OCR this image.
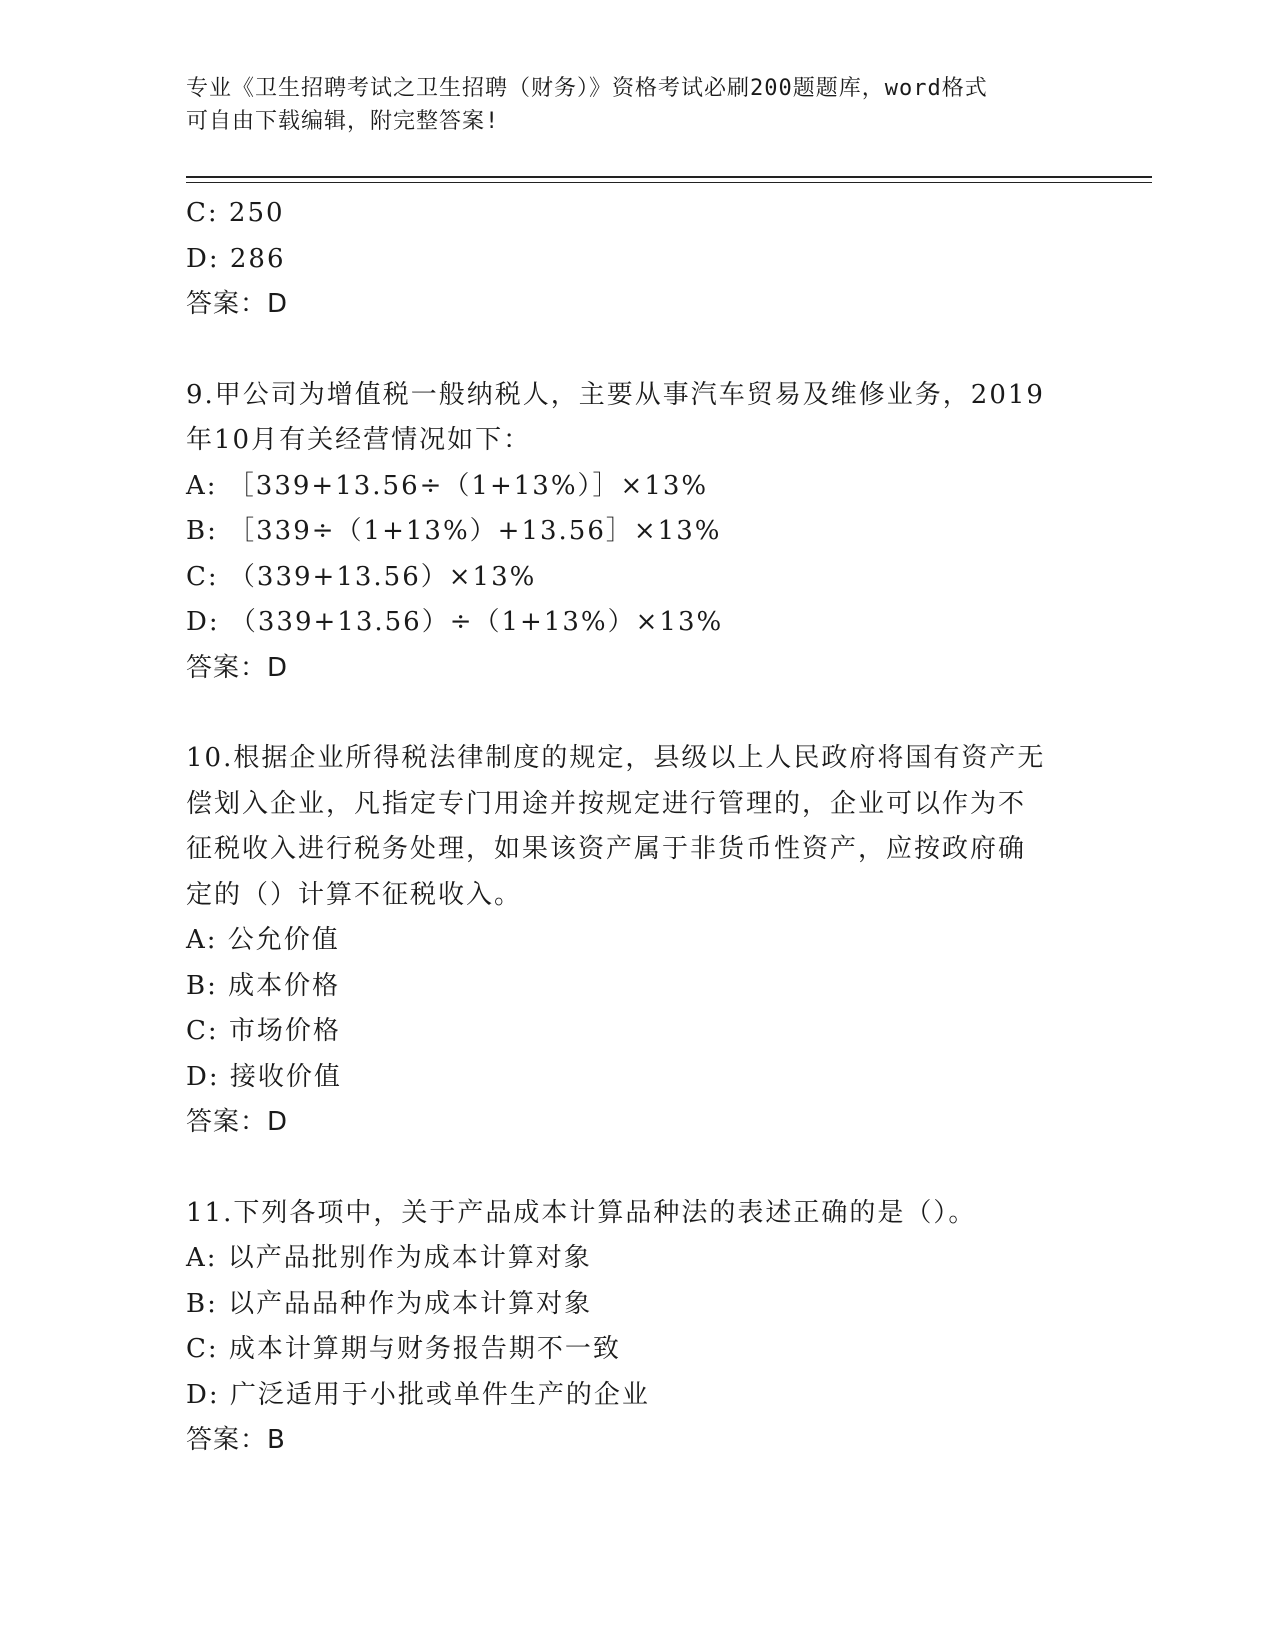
专业《卫生招聘考试之卫生招聘（财务）》资格考试必刷200题题库，word格式
可自由下载编辑，附完整答案!
C: 250
D: 286
答案：D
9.甲公司为增值税一般纳税人，主要从事汽车贸易及维修业务，2019
年10月有关经营情况如下：
A: ［339+13.56÷（1+13%）］×13%
B: ［339÷（1+13%）+13.56］×13%
C: （339+13.56）×13%
D: （339+13.56）÷（1+13%）×13%
答案：D
10.根据企业所得税法律制度的规定，县级以上人民政府将国有资产无
偿划入企业，凡指定专门用途并按规定进行管理的，企业可以作为不
征税收入进行税务处理，如果该资产属于非货币性资产，应按政府确
定的（）计算不征税收入。
A: 公允价值
B: 成本价格
C: 市场价格
D: 接收价值
答案：D
11.下列各项中，关于产品成本计算品种法的表述正确的是（）。
A: 以产品批别作为成本计算对象
B: 以产品品种作为成本计算对象
C: 成本计算期与财务报告期不一致
D: 广泛适用于小批或单件生产的企业
答案：B
